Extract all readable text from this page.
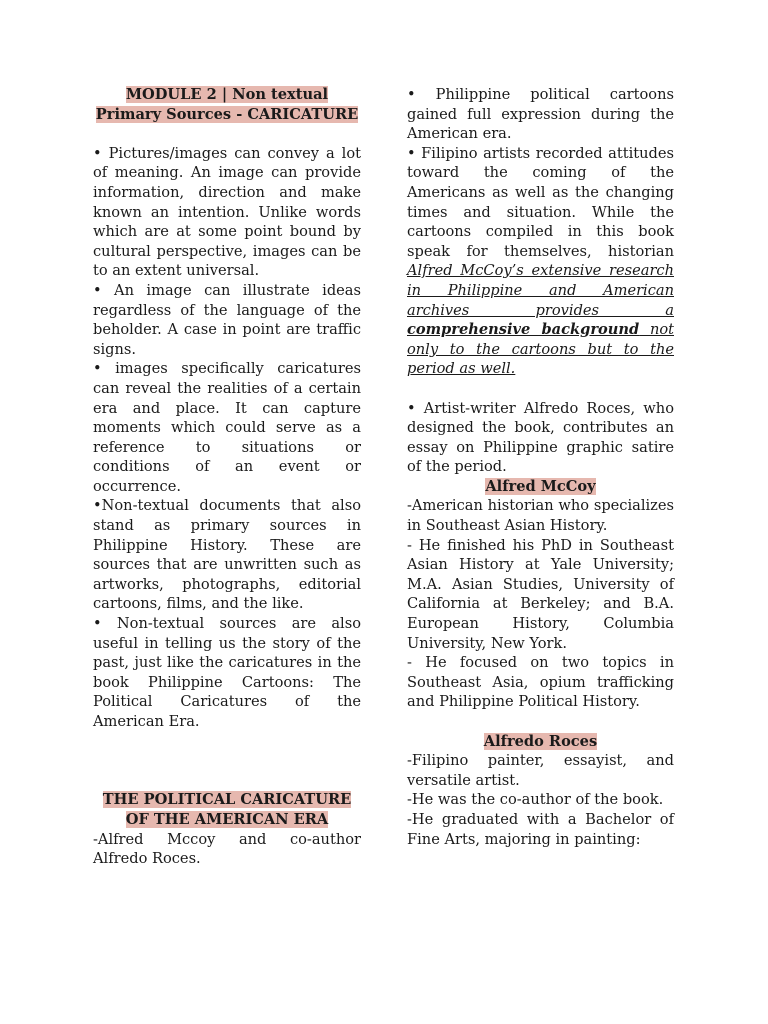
MODULE 2 | Non textual Primary Sources - CARICATURE

• Pictures/images can convey a lot of meaning. An image can provide information, direction and make known an intention. Unlike words which are at some point bound by cultural perspective, images can be to an extent universal.

• An image can illustrate ideas regardless of the language of the beholder. A case in point are traffic signs.

• images specifically caricatures can reveal the realities of a certain era and place. It can capture moments which could serve as a reference to situations or conditions of an event or occurrence.

•Non-textual documents that also stand as primary sources in Philippine History. These are sources that are unwritten such as artworks, photographs, editorial cartoons, films, and the like.

• Non-textual sources are also useful in telling us the story of the past, just like the caricatures in the book Philippine Cartoons: The Political Caricatures of the American Era.

THE POLITICAL CARICATURE OF THE AMERICAN ERA

-Alfred Mccoy and co-author Alfredo Roces.

• Philippine political cartoons gained full expression during the American era.

• Filipino artists recorded attitudes toward the coming of the Americans as well as the changing times and situation. While the cartoons compiled in this book speak for themselves, historian Alfred McCoy’s extensive research in Philippine and American archives provides a comprehensive background not only to the cartoons but to the period as well.

• Artist-writer Alfredo Roces, who designed the book, contributes an essay on Philippine graphic satire of the period.

Alfred McCoy

-American historian who specializes in Southeast Asian History.

- He finished his PhD in Southeast Asian History at Yale University; M.A. Asian Studies, University of California at Berkeley; and B.A. European History, Columbia University, New York.

- He focused on two topics in Southeast Asia, opium trafficking and Philippine Political History.

Alfredo Roces

-Filipino painter, essayist, and versatile artist.

-He was the co-author of the book.

-He graduated with a Bachelor of Fine Arts, majoring in painting:
